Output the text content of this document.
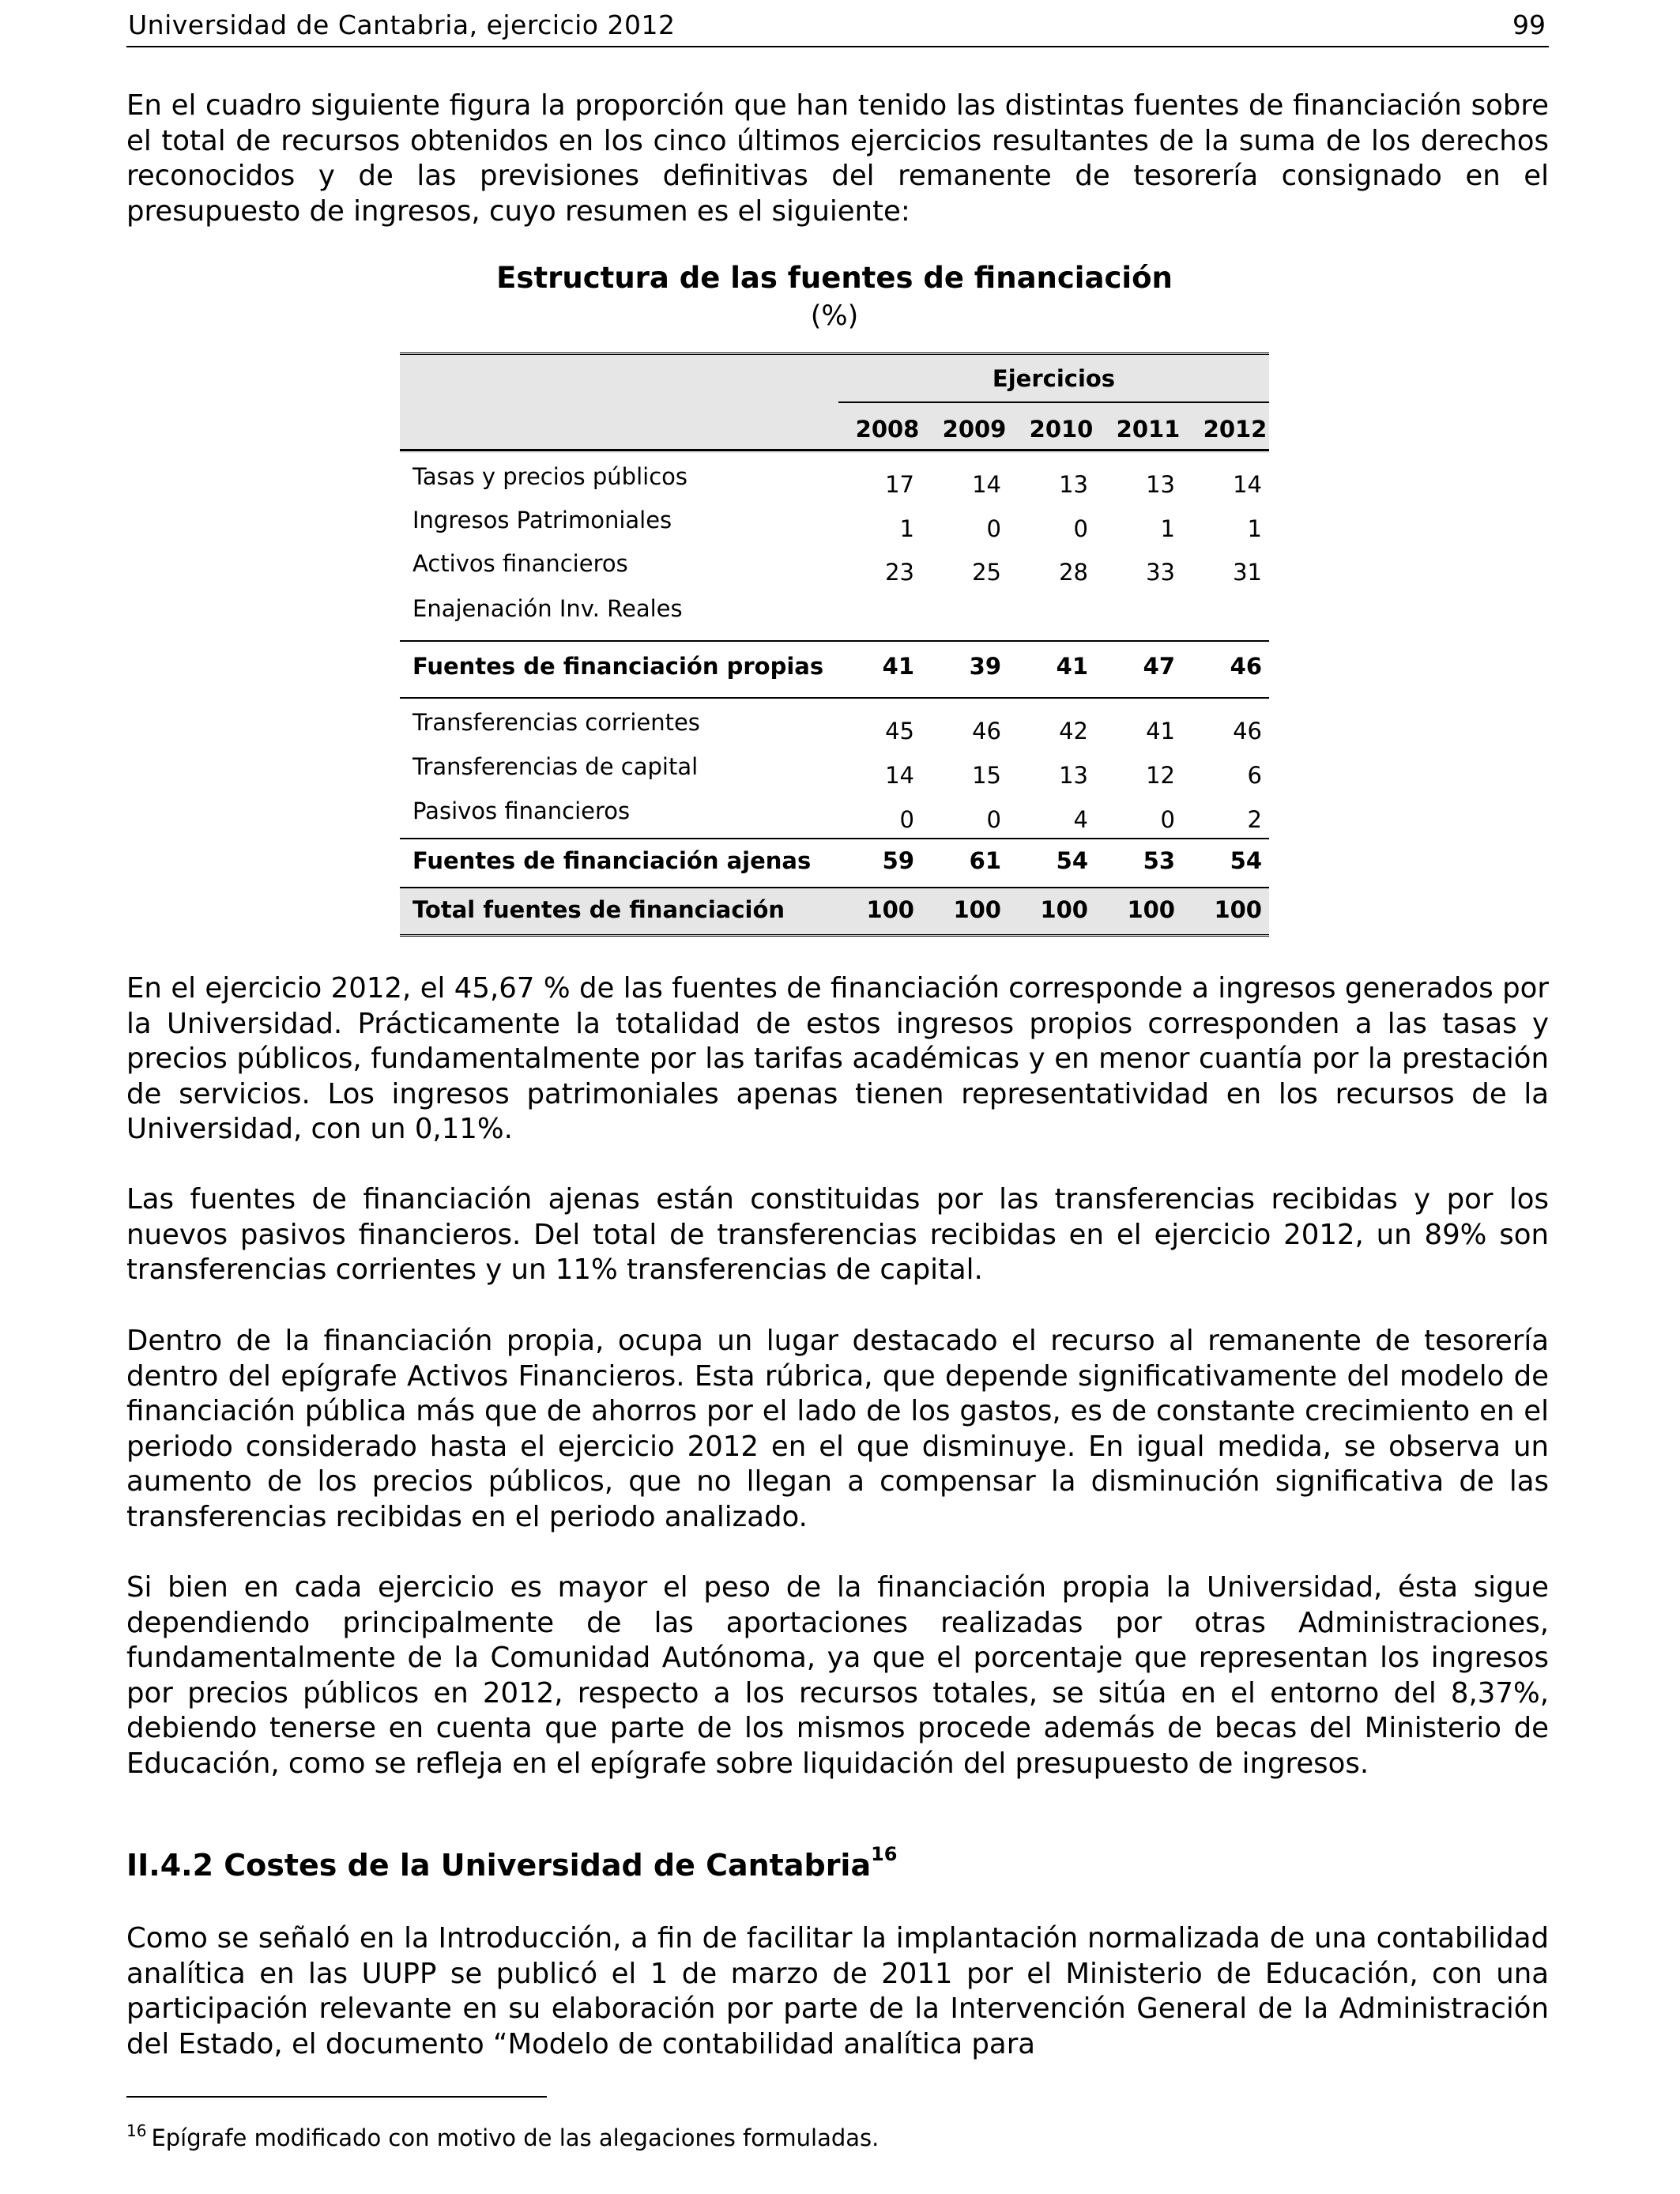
Universidad de Cantabria, ejercicio 2012	99
En el cuadro siguiente figura la proporción que han tenido las distintas fuentes de financiación sobre el total de recursos obtenidos en los cinco últimos ejercicios resultantes de la suma de los derechos reconocidos y de las previsiones definitivas del remanente de tesorería consignado en el presupuesto de ingresos, cuyo resumen es el siguiente:
Estructura de las fuentes de financiación
(%)
Ejercicios
2008	2009	2010	2011	2012
Tasas y precios públicos	17	14	13	13	14
Ingresos Patrimoniales	1	0	0	1	1
Activos financieros	23	25	28	33	31
Enajenación Inv. Reales
Fuentes de financiación propias	41	39	41	47	46
Transferencias corrientes	45	46	42	41	46
Transferencias de capital	14	15	13	12	6
Pasivos financieros	0	0	4	0	2
Fuentes de financiación ajenas	59	61	54	53	54
Total fuentes de financiación	100	100	100	100	100
En el ejercicio 2012, el 45,67 % de las fuentes de financiación corresponde a ingresos generados por la Universidad. Prácticamente la totalidad de estos ingresos propios corresponden a las tasas y precios públicos, fundamentalmente por las tarifas académicas y en menor cuantía por la prestación de servicios. Los ingresos patrimoniales apenas tienen representatividad en los recursos de la Universidad, con un 0,11%.
Las fuentes de financiación ajenas están constituidas por las transferencias recibidas y por los nuevos pasivos financieros. Del total de transferencias recibidas en el ejercicio 2012, un 89% son transferencias corrientes y un 11% transferencias de capital.
Dentro de la financiación propia, ocupa un lugar destacado el recurso al remanente de tesorería dentro del epígrafe Activos Financieros. Esta rúbrica, que depende significativamente del modelo de financiación pública más que de ahorros por el lado de los gastos, es de constante crecimiento en el periodo considerado hasta el ejercicio 2012 en el que disminuye. En igual medida, se observa un aumento de los precios públicos, que no llegan a compensar la disminución significativa de las transferencias recibidas en el periodo analizado.
Si bien en cada ejercicio es mayor el peso de la financiación propia la Universidad, ésta sigue dependiendo principalmente de las aportaciones realizadas por otras Administraciones, fundamentalmente de la Comunidad Autónoma, ya que el porcentaje que representan los ingresos por precios públicos en 2012, respecto a los recursos totales, se sitúa en el entorno del 8,37%, debiendo tenerse en cuenta que parte de los mismos procede además de becas del Ministerio de Educación, como se refleja en el epígrafe sobre liquidación del presupuesto de ingresos.
II.4.2 Costes de la Universidad de Cantabria$^{16}$
Como se señaló en la Introducción, a fin de facilitar la implantación normalizada de una contabilidad analítica en las UUPP se publicó el 1 de marzo de 2011 por el Ministerio de Educación, con una participación relevante en su elaboración por parte de la Intervención General de la Administración del Estado, el documento “Modelo de contabilidad analítica para
$^{16}$ Epígrafe modificado con motivo de las alegaciones formuladas.
